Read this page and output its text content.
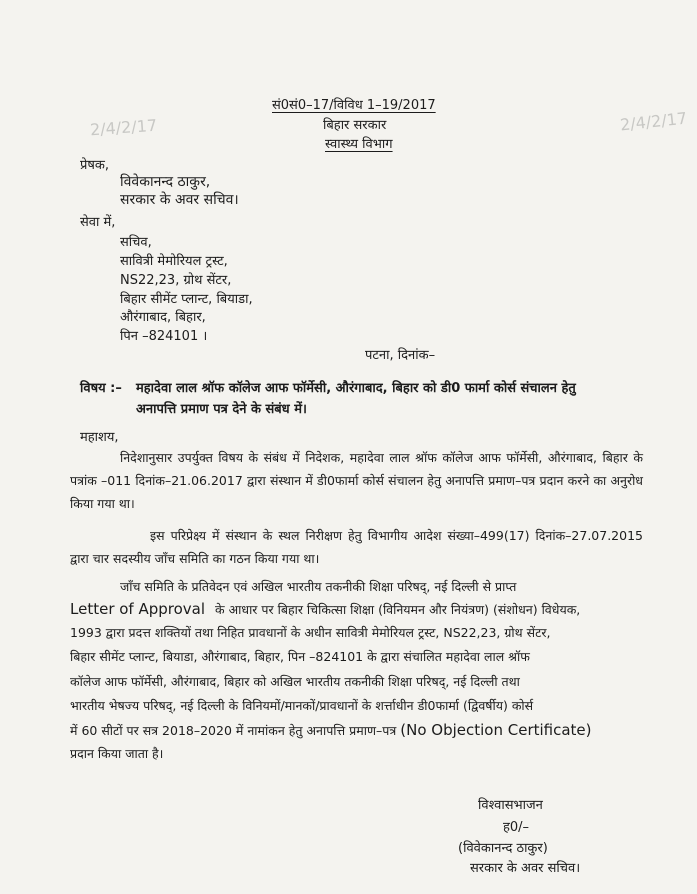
2/4/2/17	2/4/2/17
सं0सं0–17/विविध 1–19/2017
बिहार सरकार
स्वास्थ्य विभाग
प्रेषक,
विवेकानन्द ठाकुर,
सरकार के अवर सचिव।
सेवा में,
सचिव,
सावित्री मेमोरियल ट्रस्ट,
NS22,23, ग्रोथ सेंटर,
बिहार सीमेंट प्लान्ट, बियाडा,
औरंगाबाद, बिहार,
पिन –824101 ।
पटना, दिनांक–
विषय :– महादेवा लाल श्रॉफ कॉलेज आफ फॉर्मेसी, औरंगाबाद, बिहार को डी0 फार्मा कोर्स संचालन हेतु
अनापत्ति प्रमाण पत्र देने के संबंध में।
महाशय,
निदेशानुसार उपर्युक्त विषय के संबंध में निदेशक, महादेवा लाल श्रॉफ कॉलेज आफ फॉर्मेसी, औरंगाबाद, बिहार के पत्रांक –011 दिनांक–21.06.2017 द्वारा संस्थान में डी0फार्मा कोर्स संचालन हेतु अनापत्ति प्रमाण–पत्र प्रदान करने का अनुरोध किया गया था।
इस परिप्रेक्ष्य में संस्थान के स्थल निरीक्षण हेतु विभागीय आदेश संख्या–499(17) दिनांक–27.07.2015 द्वारा चार सदस्यीय जाँच समिति का गठन किया गया था।
जाँच समिति के प्रतिवेदन एवं अखिल भारतीय तकनीकी शिक्षा परिषद्, नई दिल्ली से प्राप्त
Letter of Approval के आधार पर बिहार चिकित्सा शिक्षा (विनियमन और नियंत्रण) (संशोधन) विधेयक,
1993 द्वारा प्रदत्त शक्तियों तथा निहित प्रावधानों के अधीन सावित्री मेमोरियल ट्रस्ट, NS22,23, ग्रोथ सेंटर,
बिहार सीमेंट प्लान्ट, बियाडा, औरंगाबाद, बिहार, पिन –824101 के द्वारा संचालित महादेवा लाल श्रॉफ
कॉलेज आफ फॉर्मेसी, औरंगाबाद, बिहार को अखिल भारतीय तकनीकी शिक्षा परिषद्, नई दिल्ली तथा
भारतीय भेषज्य परिषद्, नई दिल्ली के विनियमों/मानकों/प्रावधानों के शर्त्ताधीन डी0फार्मा (द्विवर्षीय) कोर्स
में 60 सीटों पर सत्र 2018–2020 में नामांकन हेतु अनापत्ति प्रमाण–पत्र (No Objection Certificate)
प्रदान किया जाता है।
विश्वासभाजन
ह0/–
(विवेकानन्द ठाकुर)
सरकार के अवर सचिव।
